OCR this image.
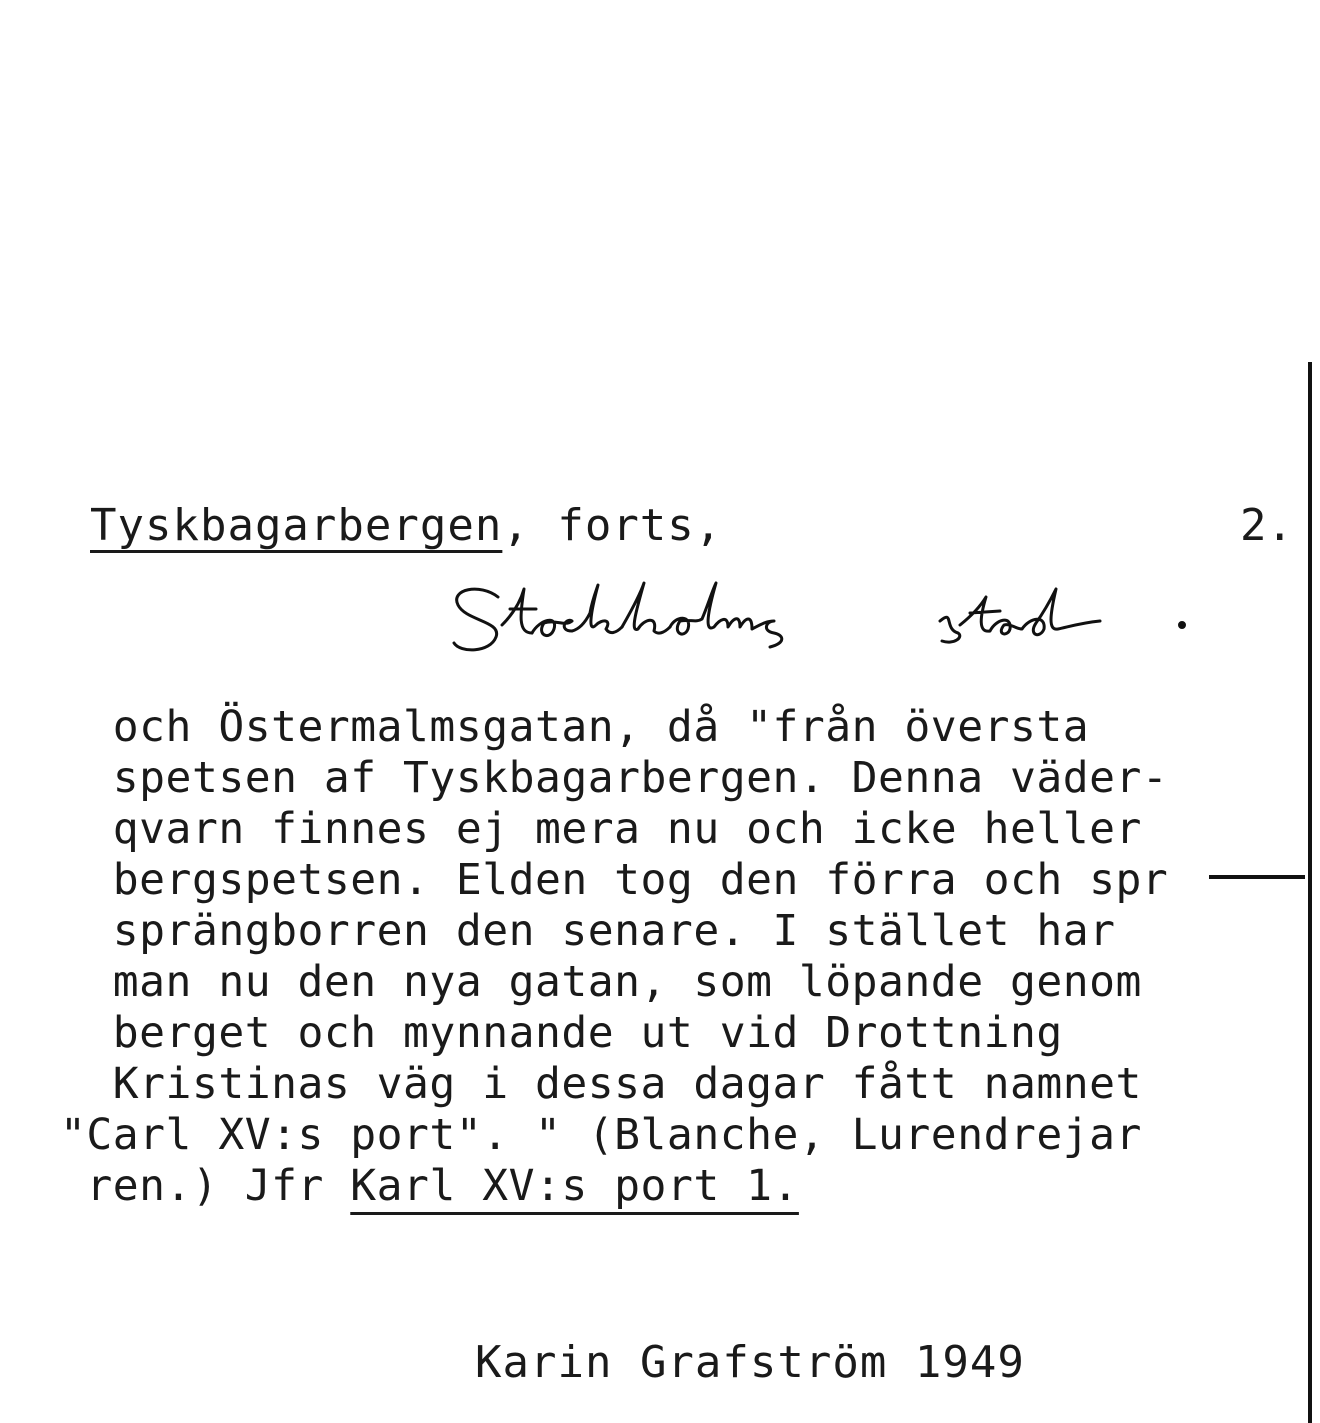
Tyskbagarbergen, forts,	2.
och Östermalmsgatan, då "från översta
spetsen af Tyskbagarbergen. Denna väder-
qvarn finnes ej mera nu och icke heller
bergspetsen. Elden tog den förra och spr
sprängborren den senare. I stället har
man nu den nya gatan, som löpande genom
berget och mynnande ut vid Drottning
Kristinas väg i dessa dagar fått namnet
"Carl XV:s port". " (Blanche, Lurendrejar
ren.) Jfr Karl XV:s port 1.
Karin Grafström 1949
